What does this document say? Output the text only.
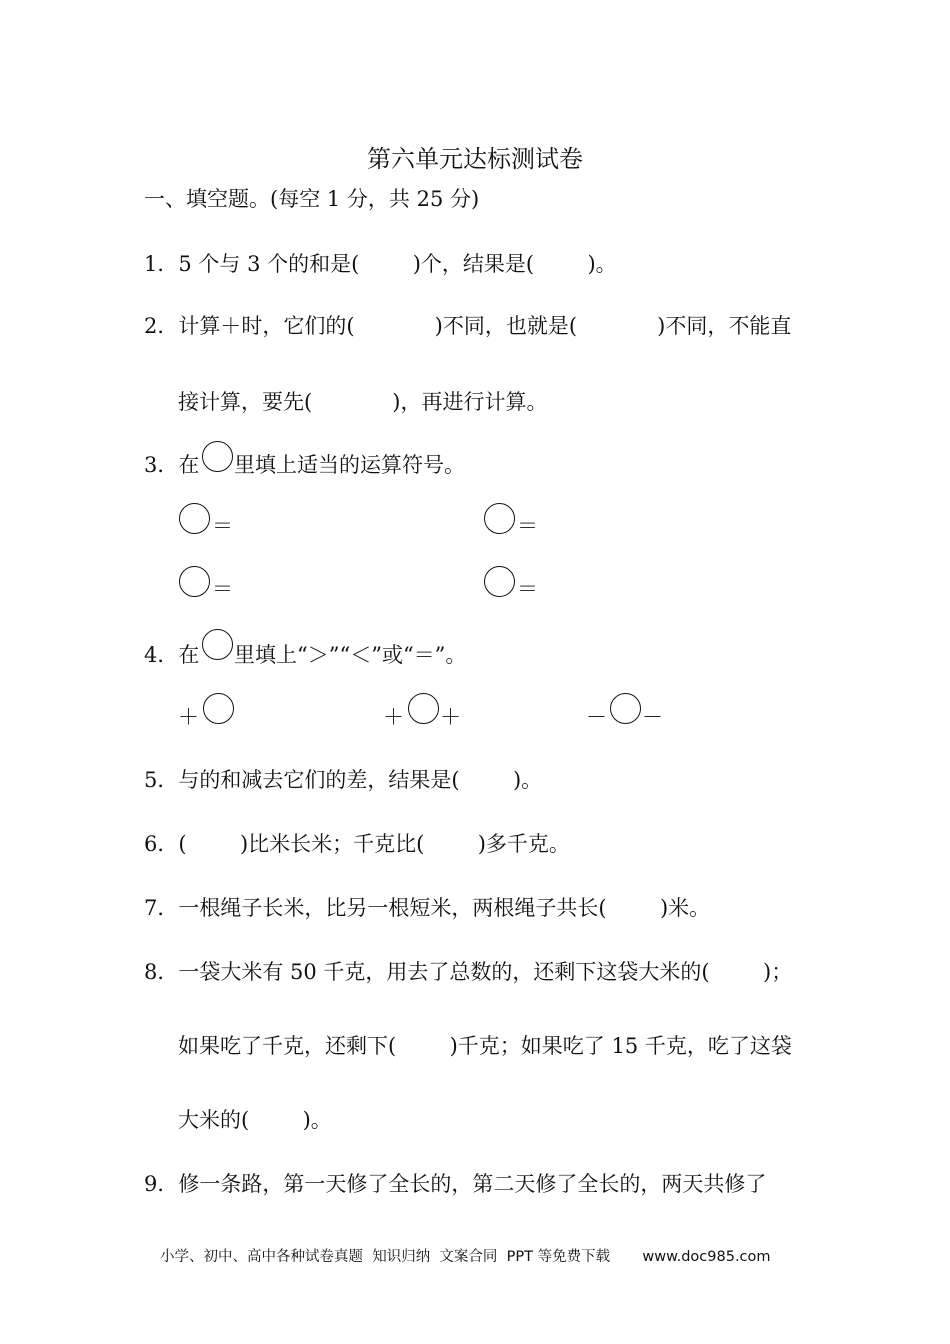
第六单元达标测试卷
一、填空题。(每空 1 分，共 25 分)
1．5 个与 3 个的和是(        )个，结果是(        )。
2．计算＋时，它们的(            )不同，也就是(            )不同，不能直
接计算，要先(            )，再进行计算。
3．在 里填上适当的运算符号。
＝	＝
＝	＝
4．在 里填上“＞”“＜”或“＝”。
＋	＋ ＋	－ －
5．与的和减去它们的差，结果是(        )。
6．(        )比米长米；千克比(        )多千克。
7．一根绳子长米，比另一根短米，两根绳子共长(        )米。
8．一袋大米有 50 千克，用去了总数的，还剩下这袋大米的(        )；
如果吃了千克，还剩下(        )千克；如果吃了 15 千克，吃了这袋
大米的(        )。
9．修一条路，第一天修了全长的，第二天修了全长的，两天共修了
小学、初中、高中各种试卷真题  知识归纳  文案合同  PPT 等免费下载       www.doc985.com
